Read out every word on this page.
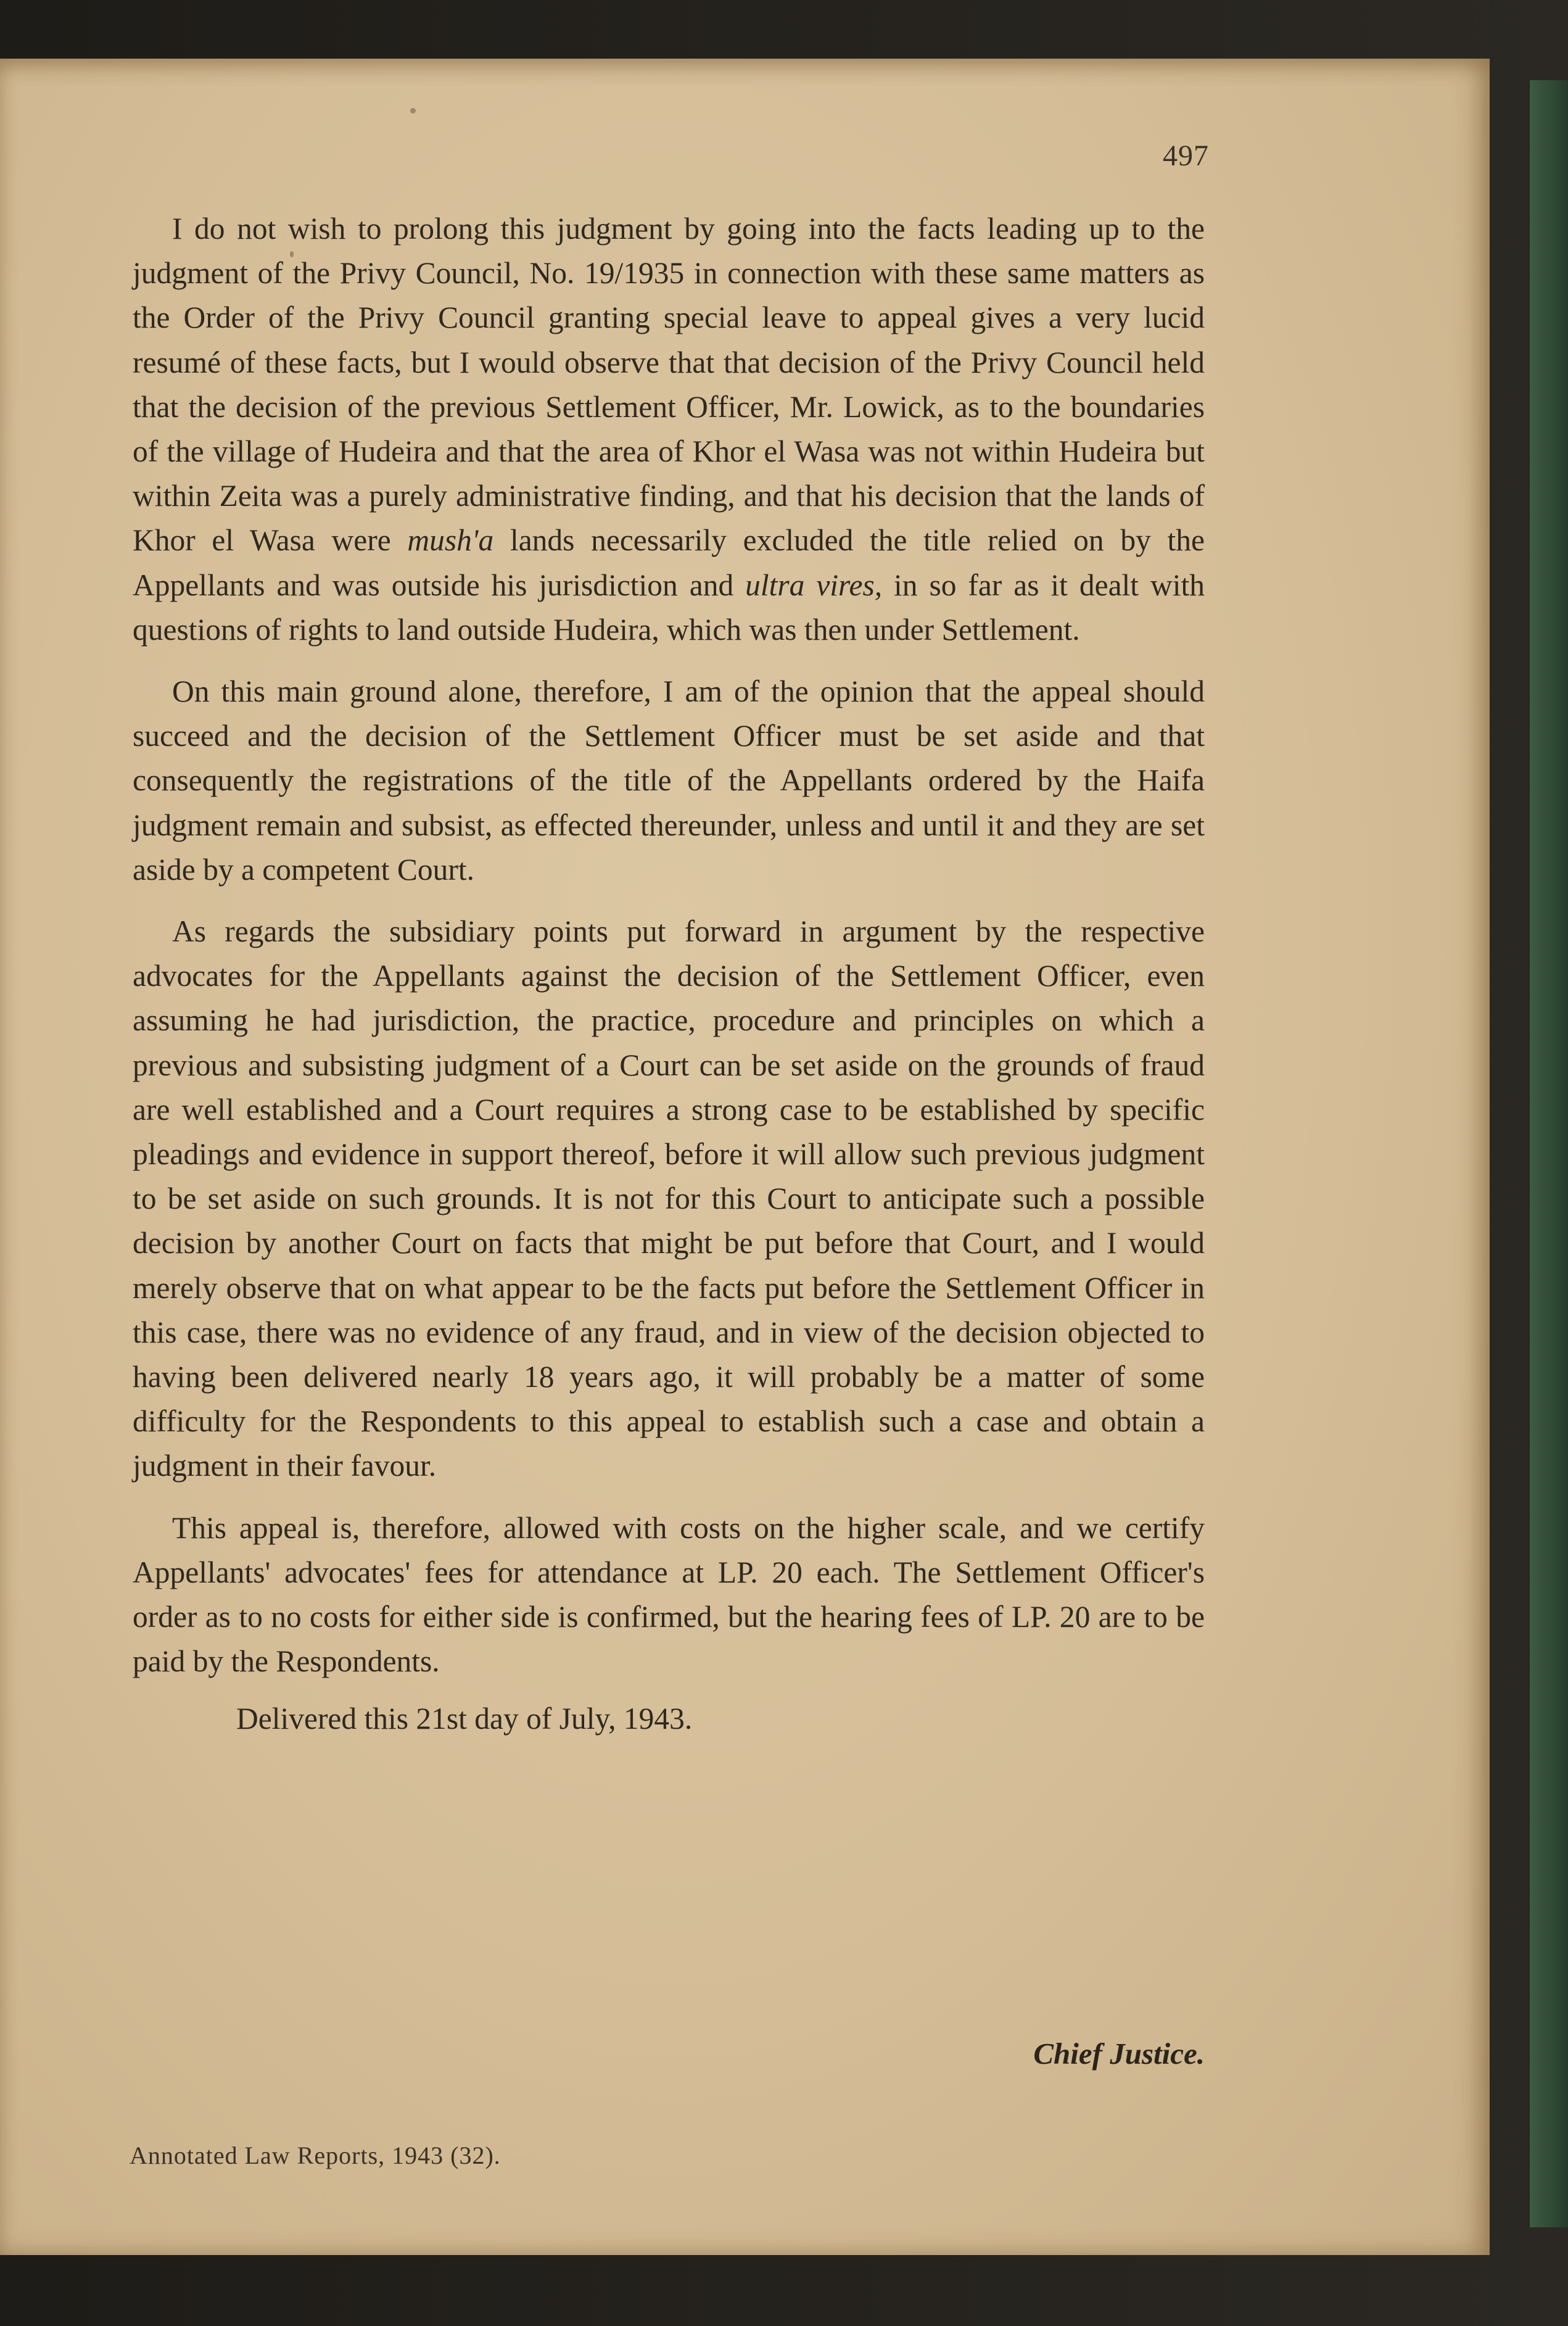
497

I do not wish to prolong this judgment by going into the facts leading up to the judgment of the Privy Council, No. 19/1935 in connection with these same matters as the Order of the Privy Council granting special leave to appeal gives a very lucid resumé of these facts, but I would observe that that decision of the Privy Council held that the decision of the previous Settlement Officer, Mr. Lowick, as to the boundaries of the village of Hudeira and that the area of Khor el Wasa was not within Hudeira but within Zeita was a purely administrative finding, and that his decision that the lands of Khor el Wasa were mush'a lands necessarily excluded the title relied on by the Appellants and was outside his jurisdiction and ultra vires, in so far as it dealt with questions of rights to land outside Hudeira, which was then under Settlement.

On this main ground alone, therefore, I am of the opinion that the appeal should succeed and the decision of the Settlement Officer must be set aside and that consequently the registrations of the title of the Appellants ordered by the Haifa judgment remain and subsist, as effected thereunder, unless and until it and they are set aside by a competent Court.

As regards the subsidiary points put forward in argument by the respective advocates for the Appellants against the decision of the Settlement Officer, even assuming he had jurisdiction, the practice, procedure and principles on which a previous and subsisting judgment of a Court can be set aside on the grounds of fraud are well established and a Court requires a strong case to be established by specific pleadings and evidence in support thereof, before it will allow such previous judgment to be set aside on such grounds. It is not for this Court to anticipate such a possible decision by another Court on facts that might be put before that Court, and I would merely observe that on what appear to be the facts put before the Settlement Officer in this case, there was no evidence of any fraud, and in view of the decision objected to having been delivered nearly 18 years ago, it will probably be a matter of some difficulty for the Respondents to this appeal to establish such a case and obtain a judgment in their favour.

This appeal is, therefore, allowed with costs on the higher scale, and we certify Appellants' advocates' fees for attendance at LP. 20 each. The Settlement Officer's order as to no costs for either side is confirmed, but the hearing fees of LP. 20 are to be paid by the Respondents.

Delivered this 21st day of July, 1943.

Chief Justice.
Annotated Law Reports, 1943 (32).
